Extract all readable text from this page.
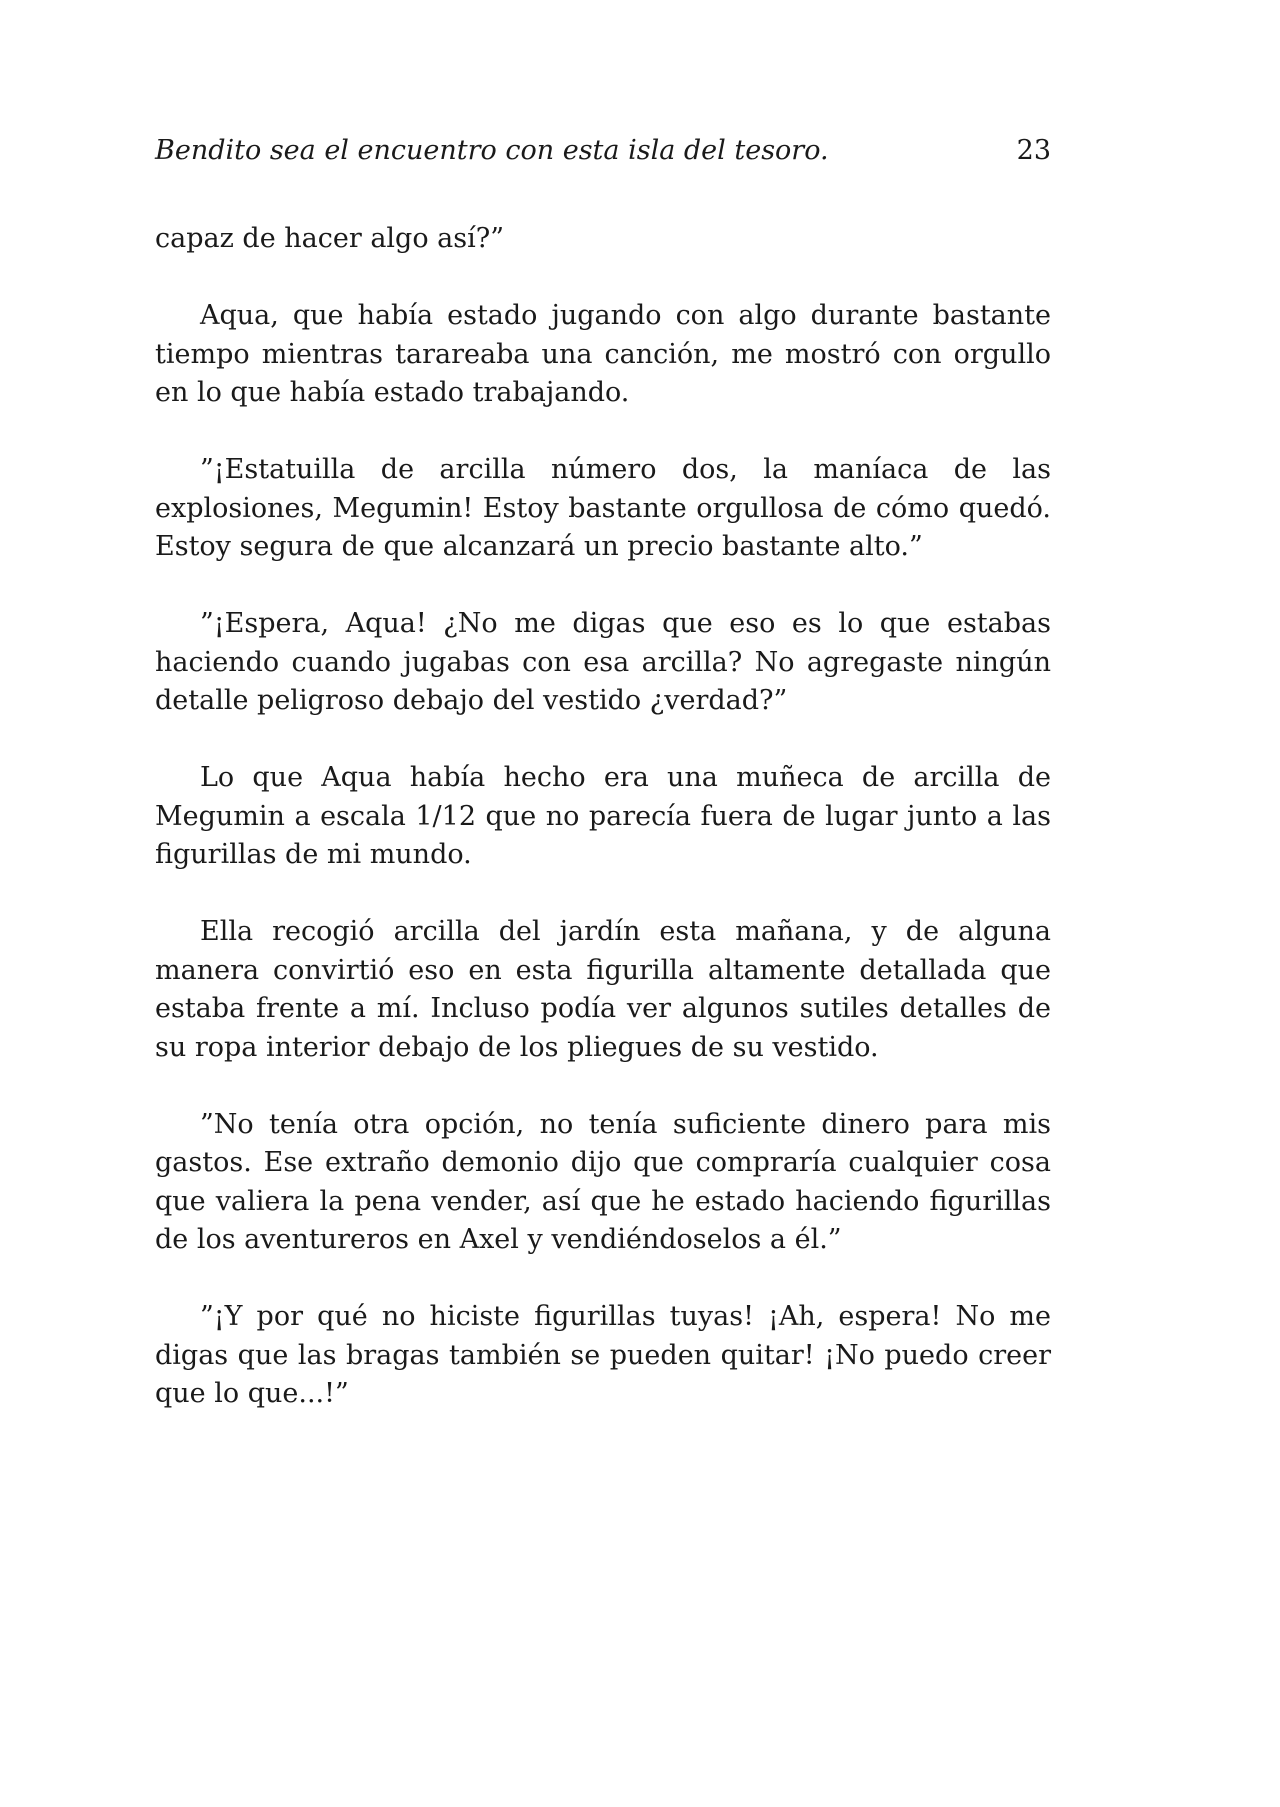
Bendito sea el encuentro con esta isla del tesoro.	23

capaz de hacer algo así?”

Aqua, que había estado jugando con algo durante bastante tiempo mientras tarareaba una canción, me mostró con orgullo en lo que había estado trabajando.

”¡Estatuilla de arcilla número dos, la maníaca de las explosiones, Megumin! Estoy bastante orgullosa de cómo quedó. Estoy segura de que alcanzará un precio bastante alto.”

”¡Espera, Aqua! ¿No me digas que eso es lo que estabas haciendo cuando jugabas con esa arcilla? No agregaste ningún detalle peligroso debajo del vestido ¿verdad?”

Lo que Aqua había hecho era una muñeca de arcilla de Megumin a escala 1/12 que no parecía fuera de lugar junto a las figurillas de mi mundo.

Ella recogió arcilla del jardín esta mañana, y de alguna manera convirtió eso en esta figurilla altamente detallada que estaba frente a mí. Incluso podía ver algunos sutiles detalles de su ropa interior debajo de los pliegues de su vestido.

”No tenía otra opción, no tenía suficiente dinero para mis gastos. Ese extraño demonio dijo que compraría cualquier cosa que valiera la pena vender, así que he estado haciendo figurillas de los aventureros en Axel y vendiéndoselos a él.”

”¡Y por qué no hiciste figurillas tuyas! ¡Ah, espera! No me digas que las bragas también se pueden quitar! ¡No puedo creer que lo que...!”
